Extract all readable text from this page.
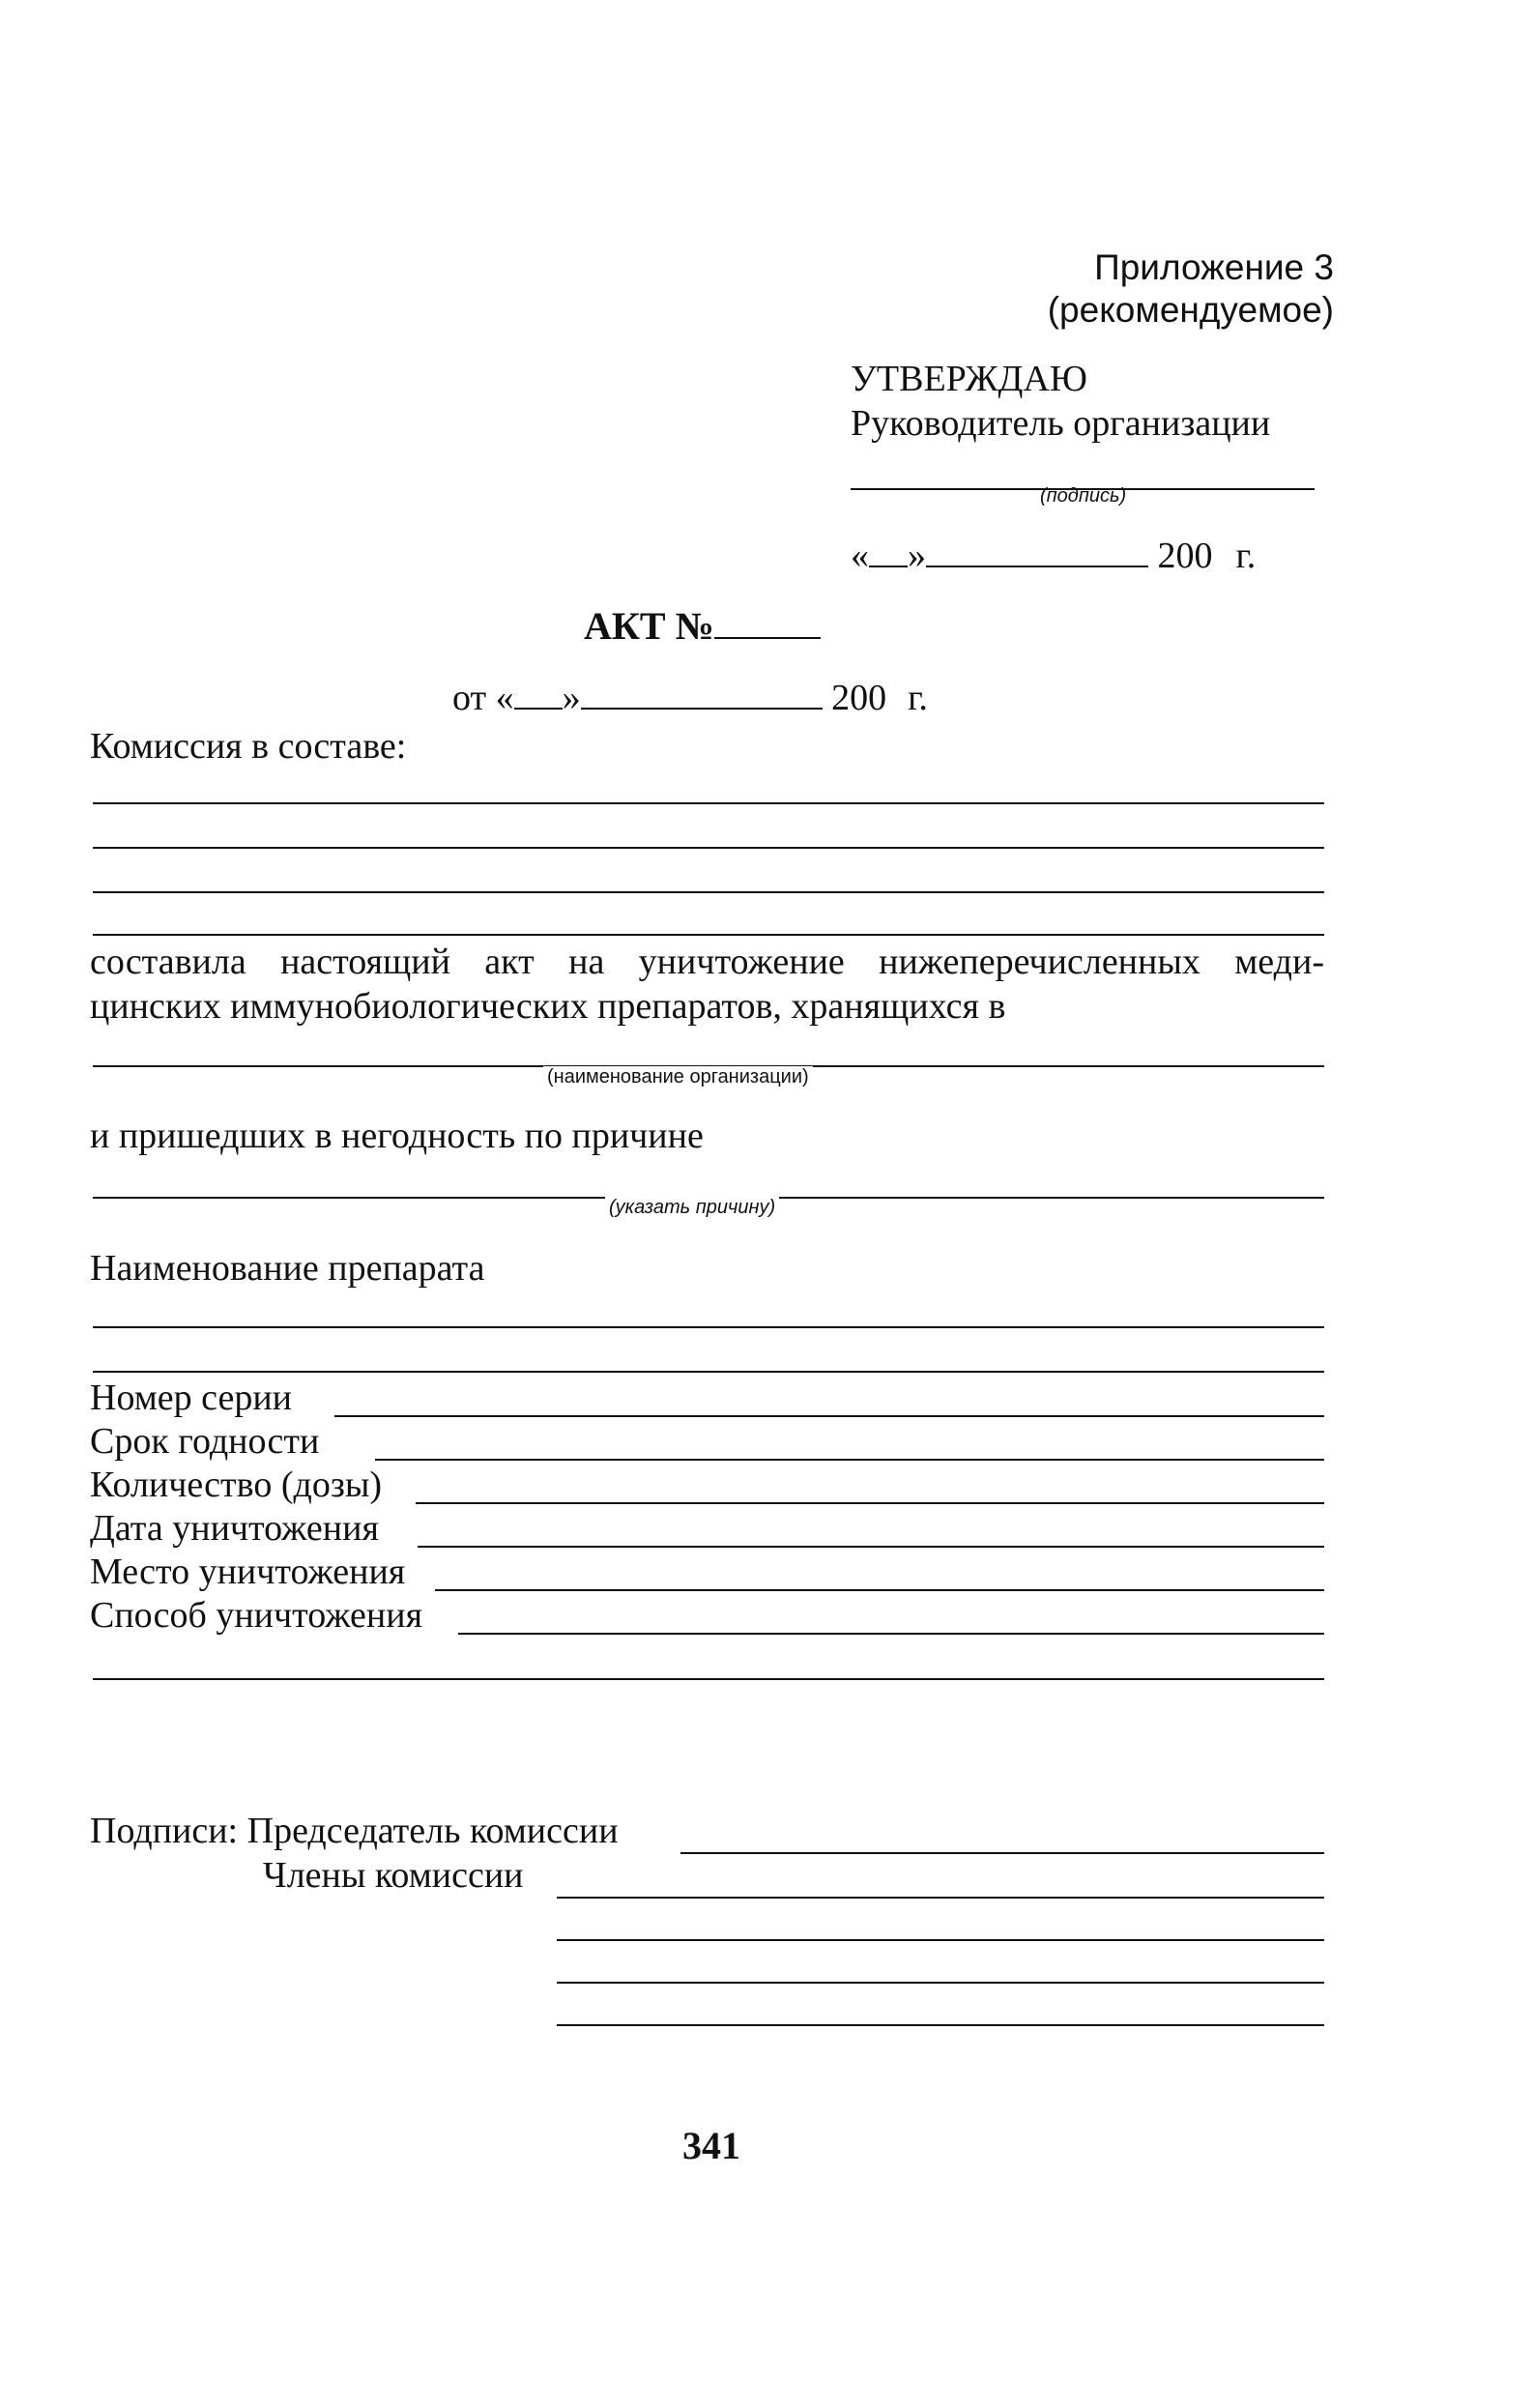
Приложение 3
(рекомендуемое)
УТВЕРЖДАЮ
Руководитель организации
(подпись)
« »	200 г.
АКТ №
от « »	200 г.
Комиссия в составе:
составила настоящий акт на уничтожение нижеперечисленных меди-
цинских иммунобиологических препаратов, хранящихся в
(наименование организации)
и пришедших в негодность по причине
(указать причину)
Наименование препарата
Номер серии
Срок годности
Количество (дозы)
Дата уничтожения
Место уничтожения
Способ уничтожения
Подписи: Председатель комиссии
Члены комиссии
341
